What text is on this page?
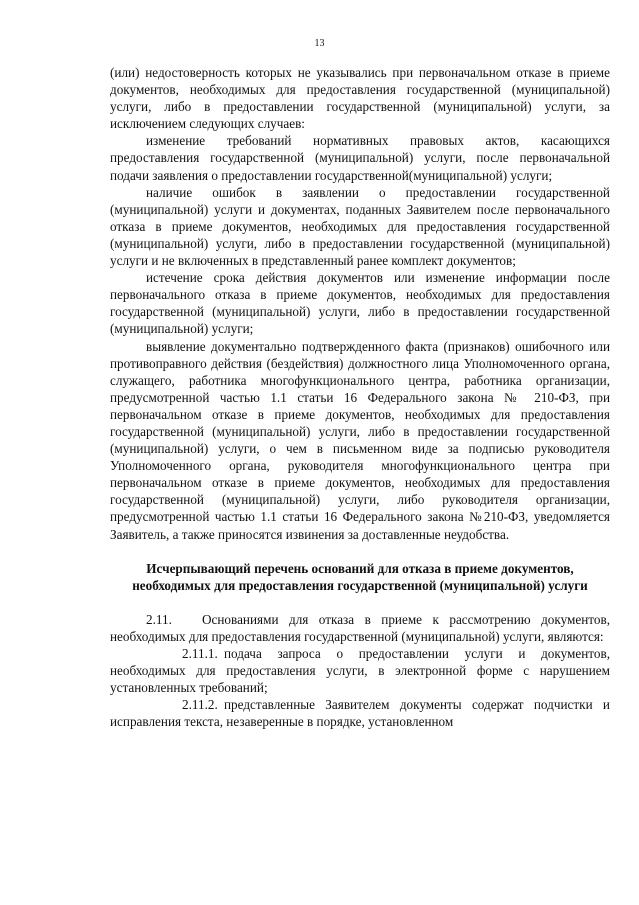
13

(или) недостоверность которых не указывались при первоначальном отказе в приеме документов, необходимых для предоставления государственной (муниципальной) услуги, либо в предоставлении государственной (муниципальной) услуги, за исключением следующих случаев:

изменение требований нормативных правовых актов, касающихся предоставления государственной (муниципальной) услуги, после первоначальной подачи заявления о предоставлении государственной(муниципальной) услуги;

наличие ошибок в заявлении о предоставлении государственной (муниципальной) услуги и документах, поданных Заявителем после первоначального отказа в приеме документов, необходимых для предоставления государственной (муниципальной) услуги, либо в предоставлении государственной (муниципальной) услуги и не включенных в представленный ранее комплект документов;

истечение срока действия документов или изменение информации после первоначального отказа в приеме документов, необходимых для предоставления государственной (муниципальной) услуги, либо в предоставлении государственной (муниципальной) услуги;

выявление документально подтвержденного факта (признаков) ошибочного или противоправного действия (бездействия) должностного лица Уполномоченного органа, служащего, работника многофункционального центра, работника организации, предусмотренной частью 1.1 статьи 16 Федерального закона № 210-ФЗ, при первоначальном отказе в приеме документов, необходимых для предоставления государственной (муниципальной) услуги, либо в предоставлении государственной (муниципальной) услуги, о чем в письменном виде за подписью руководителя Уполномоченного органа, руководителя многофункционального центра при первоначальном отказе в приеме документов, необходимых для предоставления государственной (муниципальной) услуги, либо руководителя организации, предусмотренной частью 1.1 статьи 16 Федерального закона №210-ФЗ, уведомляется Заявитель, а также приносятся извинения за доставленные неудобства.

Исчерпывающий перечень оснований для отказа в приеме документов, необходимых для предоставления государственной (муниципальной) услуги

2.11. Основаниями для отказа в приеме к рассмотрению документов, необходимых для предоставления государственной (муниципальной) услуги, являются:

2.11.1. подача запроса о предоставлении услуги и документов, необходимых для предоставления услуги, в электронной форме с нарушением установленных требований;

2.11.2. представленные Заявителем документы содержат подчистки и исправления текста, незаверенные в порядке, установленном
